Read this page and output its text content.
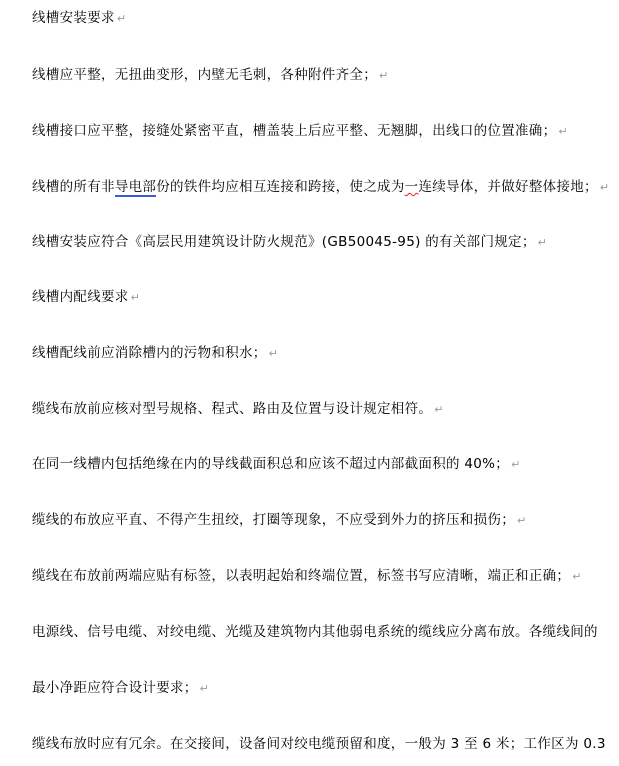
线槽安装要求 ↵
线槽应平整，无扭曲变形，内壁无毛刺，各种附件齐全； ↵
线槽接口应平整，接缝处紧密平直，槽盖装上后应平整、无翘脚，出线口的位置准确； ↵
线槽的所有非导电部份的铁件均应相互连接和跨接，使之成为一连续导体，并做好整体接地； ↵
线槽安装应符合《高层民用建筑设计防火规范》(GB50045-95) 的有关部门规定； ↵
线槽内配线要求 ↵
线槽配线前应消除槽内的污物和积水； ↵
缆线布放前应核对型号规格、程式、路由及位置与设计规定相符。 ↵
在同一线槽内包括绝缘在内的导线截面积总和应该不超过内部截面积的 40%； ↵
缆线的布放应平直、不得产生扭绞，打圈等现象，不应受到外力的挤压和损伤； ↵
缆线在布放前两端应贴有标签，以表明起始和终端位置，标签书写应清晰，端正和正确； ↵
电源线、信号电缆、对绞电缆、光缆及建筑物内其他弱电系统的缆线应分离布放。各缆线间的
最小净距应符合设计要求； ↵
缆线布放时应有冗余。在交接间，设备间对绞电缆预留和度，一般为 3 至 6 米；工作区为 0.3
